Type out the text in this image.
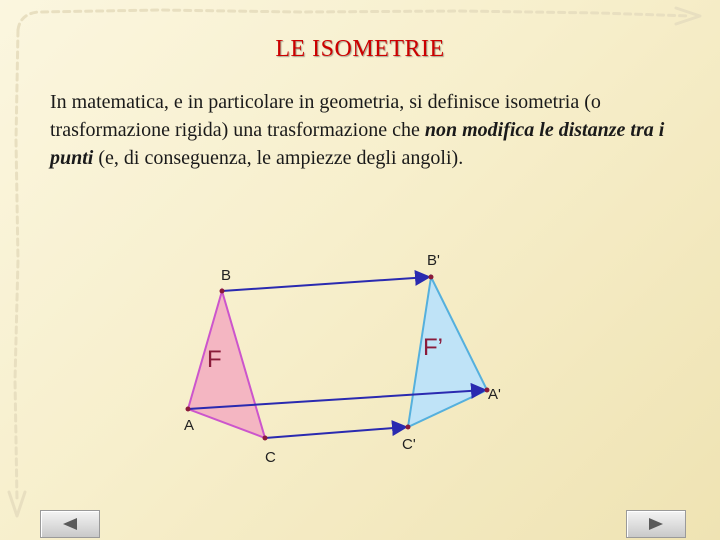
LE ISOMETRIE

In matematica, e in particolare in geometria, si definisce isometria (o trasformazione rigida) una trasformazione che non modifica le distanze tra i punti (e, di conseguenza, le ampiezze degli angoli).

B
B'
A
A'
C
C'
F	F’
